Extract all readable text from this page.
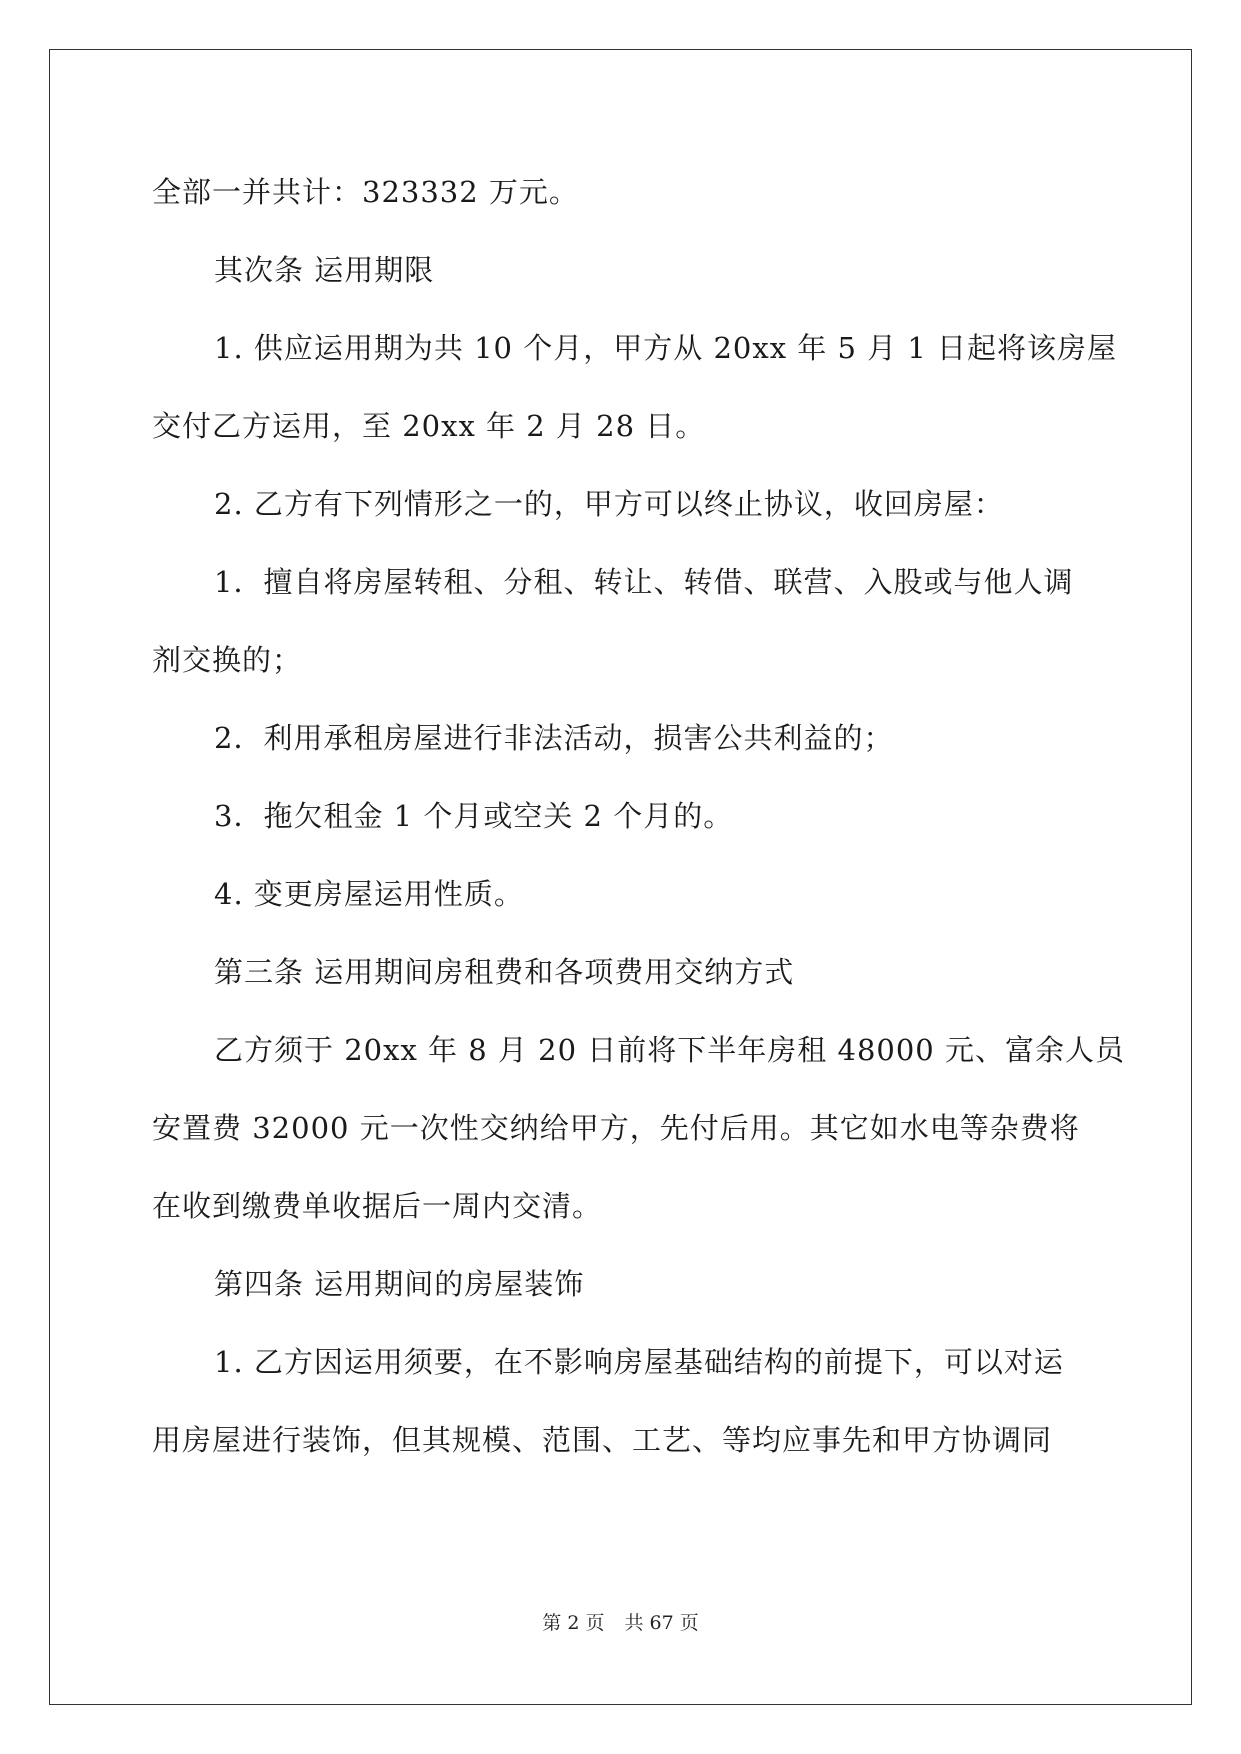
全部一并共计：323332 万元。
其次条 运用期限
1. 供应运用期为共 10 个月，甲方从 20xx 年 5 月 1 日起将该房屋
交付乙方运用，至 20xx 年 2 月 28 日。
2. 乙方有下列情形之一的，甲方可以终止协议，收回房屋：
1．擅自将房屋转租、分租、转让、转借、联营、入股或与他人调
剂交换的；
2．利用承租房屋进行非法活动，损害公共利益的；
3．拖欠租金 1 个月或空关 2 个月的。
4. 变更房屋运用性质。
第三条 运用期间房租费和各项费用交纳方式
乙方须于 20xx 年 8 月 20 日前将下半年房租 48000 元、富余人员
安置费 32000 元一次性交纳给甲方，先付后用。其它如水电等杂费将
在收到缴费单收据后一周内交清。
第四条 运用期间的房屋装饰
1. 乙方因运用须要，在不影响房屋基础结构的前提下，可以对运
用房屋进行装饰，但其规模、范围、工艺、等均应事先和甲方协调同
第 2 页 共 67 页
